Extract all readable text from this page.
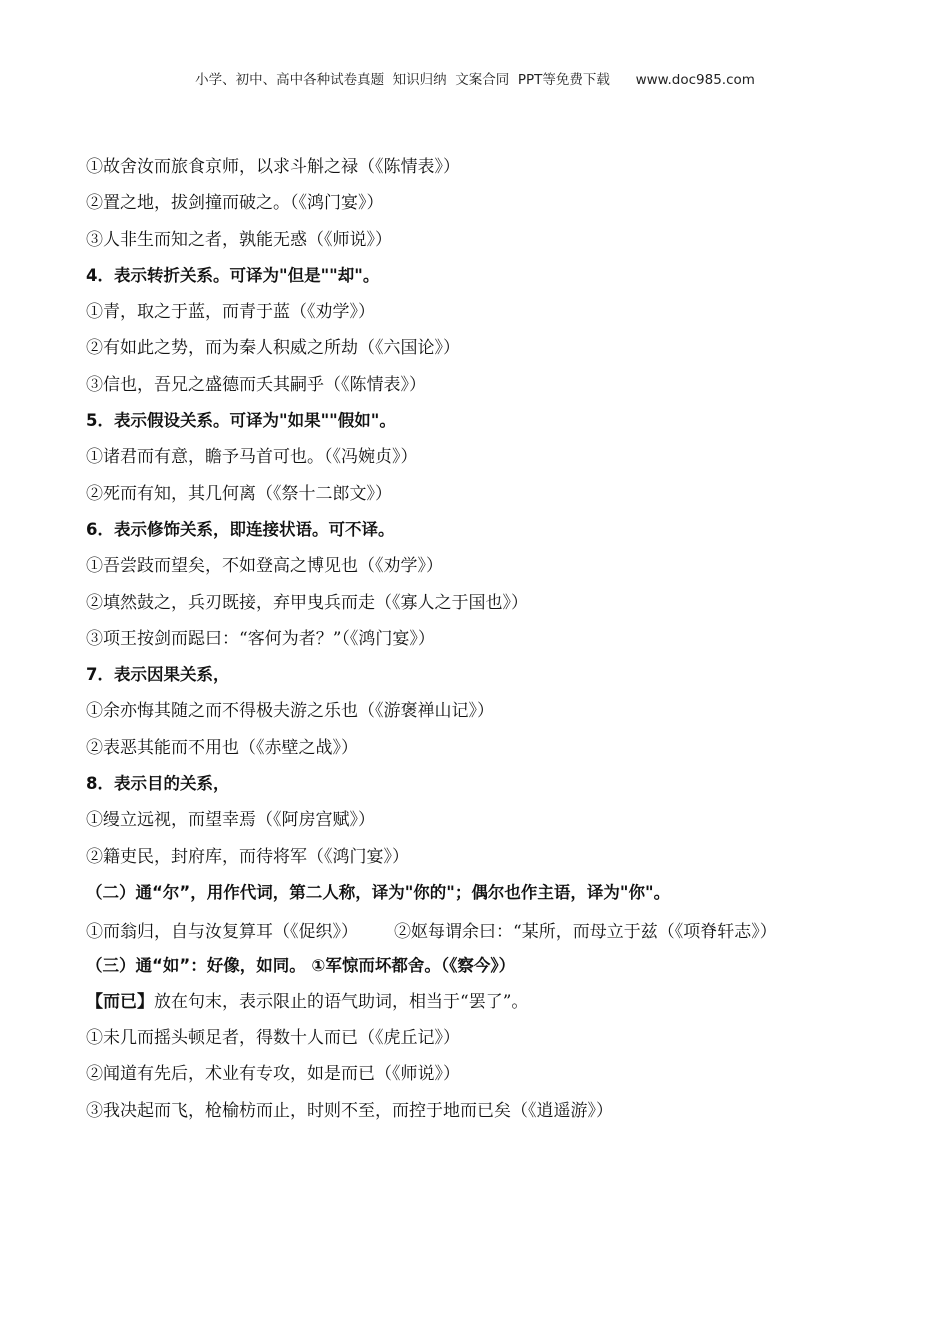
小学、初中、高中各种试卷真题  知识归纳  文案合同  PPT等免费下载      www.doc985.com
①故舍汝而旅食京师，以求斗斛之禄（《陈情表》）
②置之地，拔剑撞而破之。（《鸿门宴》）
③人非生而知之者，孰能无惑（《师说》）
4．表示转折关系。可译为"但是""却"。
①青，取之于蓝，而青于蓝（《劝学》）
②有如此之势，而为秦人积威之所劫（《六国论》）
③信也，吾兄之盛德而夭其嗣乎（《陈情表》）
5．表示假设关系。可译为"如果""假如"。
①诸君而有意，瞻予马首可也。（《冯婉贞》）
②死而有知，其几何离（《祭十二郎文》）
6．表示修饰关系，即连接状语。可不译。
①吾尝跂而望矣，不如登高之博见也（《劝学》）
②填然鼓之，兵刃既接，弃甲曳兵而走（《寡人之于国也》）
③项王按剑而跽曰：“客何为者？”（《鸿门宴》）
7．表示因果关系，
①余亦悔其随之而不得极夫游之乐也（《游褒禅山记》）
②表恶其能而不用也（《赤壁之战》）
8．表示目的关系，
①缦立远视，而望幸焉（《阿房宫赋》）
②籍吏民，封府库，而待将军（《鸿门宴》）
（二）通“尔”，用作代词，第二人称，译为"你的"；偶尔也作主语，译为"你"。
①而翁归，自与汝复算耳（《促织》） ②妪每谓余曰：“某所，而母立于兹（《项脊轩志》）
（三）通“如”：好像，如同。 ①军惊而坏都舍。（《察今》）
【而已】放在句末，表示限止的语气助词，相当于“罢了”。
①未几而摇头顿足者，得数十人而已（《虎丘记》）
②闻道有先后，术业有专攻，如是而已（《师说》）
③我决起而飞，枪榆枋而止，时则不至，而控于地而已矣（《逍遥游》）
